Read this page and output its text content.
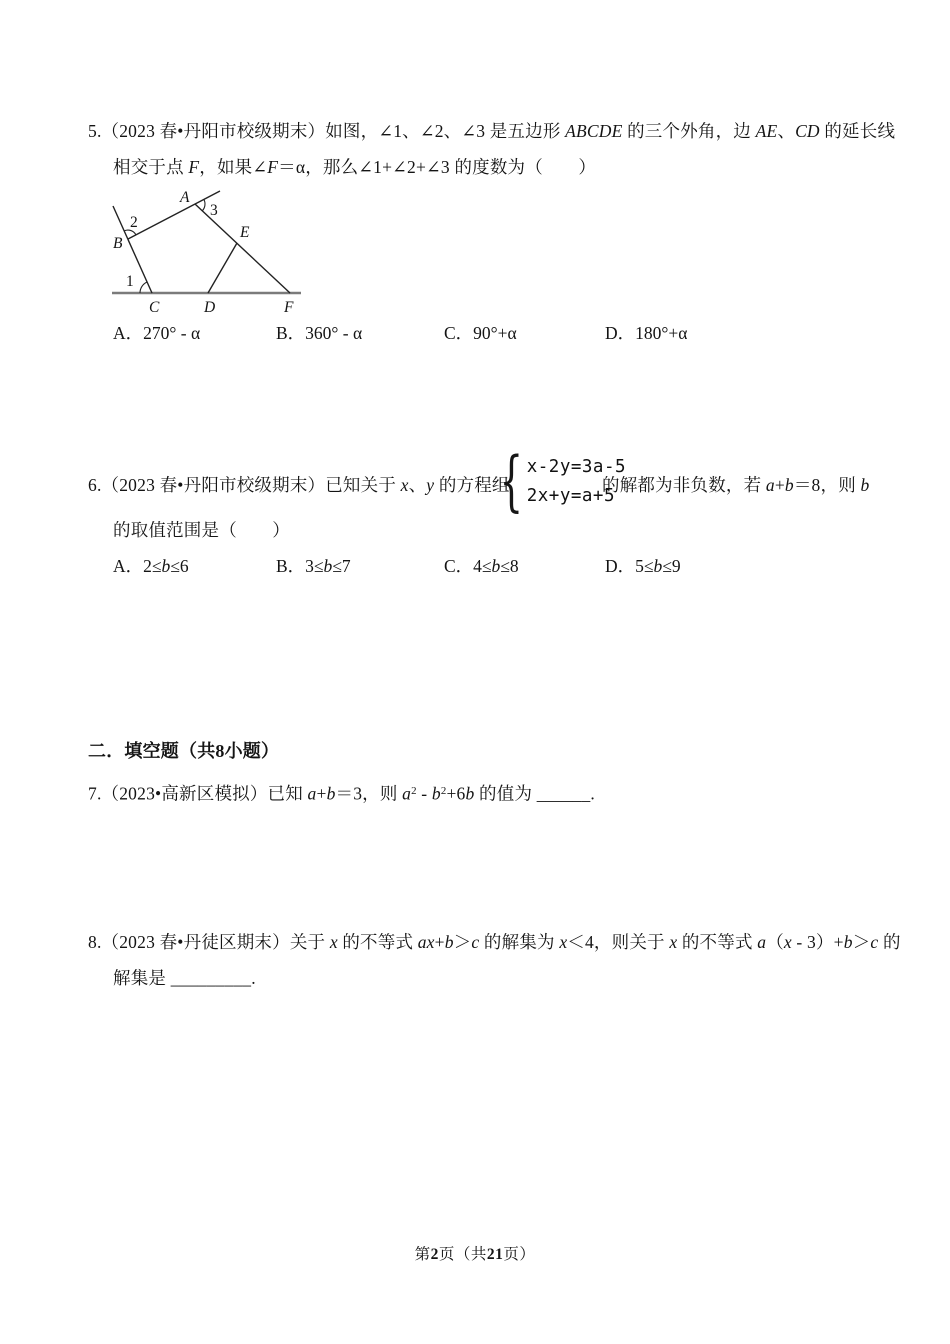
5.（2023 春•丹阳市校级期末）如图，∠1、∠2、∠3 是五边形 ABCDE 的三个外角，边 AE、CD 的延长线
相交于点 F，如果∠F＝α，那么∠1+∠2+∠3 的度数为（　　）
A
B
C	D
E
F
1
2
3
A．270° - α	B．360° - α	C．90°+α	D．180°+α
6.（2023 春•丹阳市校级期末）已知关于 x、y 的方程组
{ x-2y=3a-5
2x+y=a+5
的解都为非负数，若 a+b＝8，则 b
的取值范围是（　　）
A．2≤b≤6	B．3≤b≤7	C．4≤b≤8	D．5≤b≤9
二．填空题（共8小题）
7.（2023•高新区模拟）已知 a+b＝3，则 $a^2 - b^2+6b$ 的值为 ______.
8.（2023 春•丹徒区期末）关于 x 的不等式 ax+b＞c 的解集为 x＜4，则关于 x 的不等式 a（x - 3）+b＞c 的
解集是 _________.
第2页（共21页）
